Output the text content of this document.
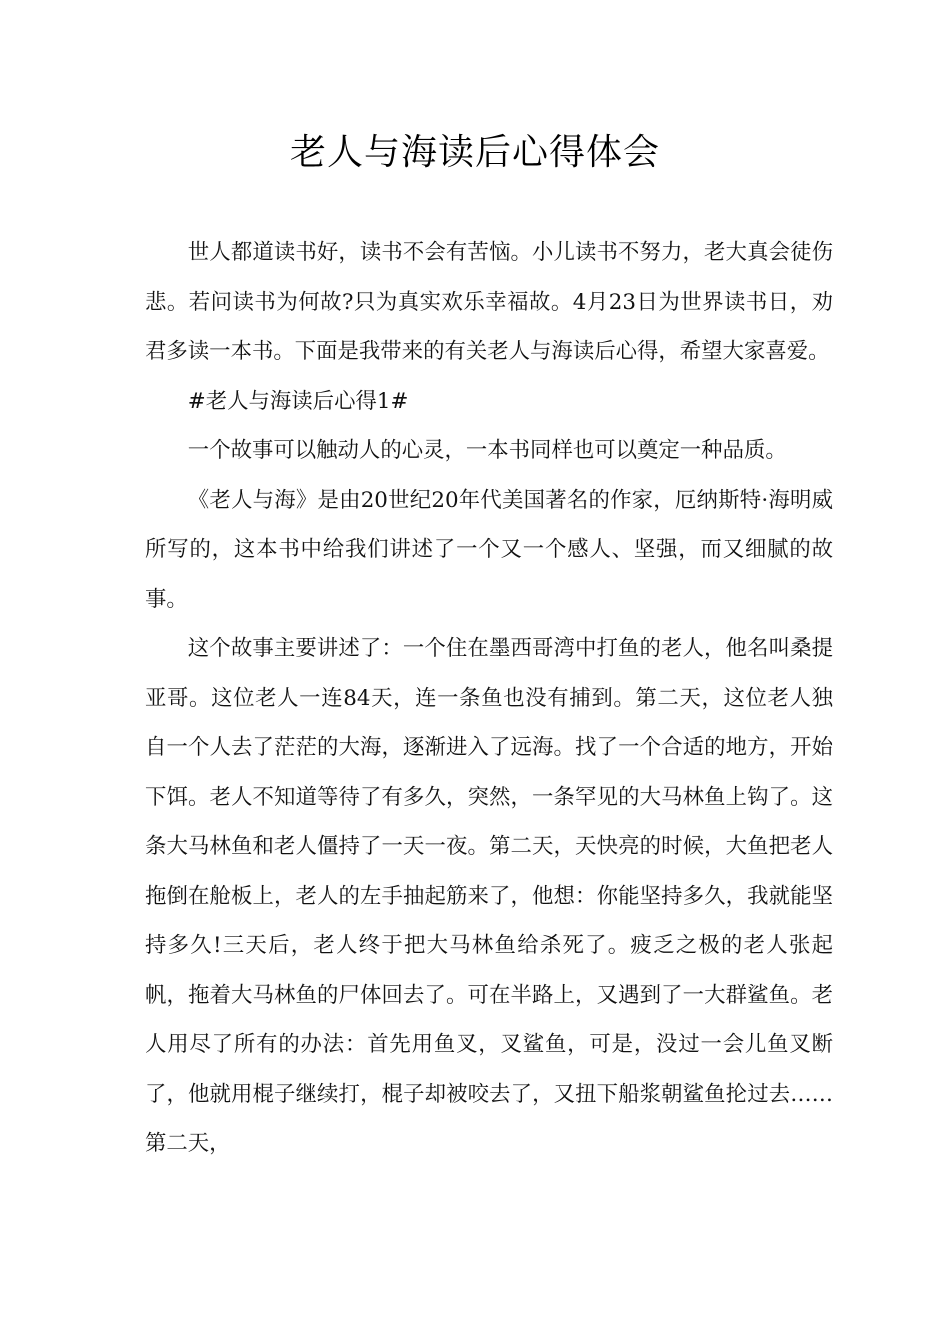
老人与海读后心得体会

世人都道读书好，读书不会有苦恼。小儿读书不努力，老大真会徒伤悲。若问读书为何故?只为真实欢乐幸福故。4月23日为世界读书日，劝君多读一本书。下面是我带来的有关老人与海读后心得，希望大家喜爱。

#老人与海读后心得1#

一个故事可以触动人的心灵，一本书同样也可以奠定一种品质。

《老人与海》是由20世纪20年代美国著名的作家，厄纳斯特·海明威所写的，这本书中给我们讲述了一个又一个感人、坚强，而又细腻的故事。

这个故事主要讲述了：一个住在墨西哥湾中打鱼的老人，他名叫桑提亚哥。这位老人一连84天，连一条鱼也没有捕到。第二天，这位老人独自一个人去了茫茫的大海，逐渐进入了远海。找了一个合适的地方，开始下饵。老人不知道等待了有多久，突然，一条罕见的大马林鱼上钩了。这条大马林鱼和老人僵持了一天一夜。第二天，天快亮的时候，大鱼把老人拖倒在舱板上，老人的左手抽起筋来了，他想：你能坚持多久，我就能坚持多久!三天后，老人终于把大马林鱼给杀死了。疲乏之极的老人张起帆，拖着大马林鱼的尸体回去了。可在半路上，又遇到了一大群鲨鱼。老人用尽了所有的办法：首先用鱼叉，叉鲨鱼，可是，没过一会儿鱼叉断了，他就用棍子继续打，棍子却被咬去了，又扭下船浆朝鲨鱼抡过去……第二天，
